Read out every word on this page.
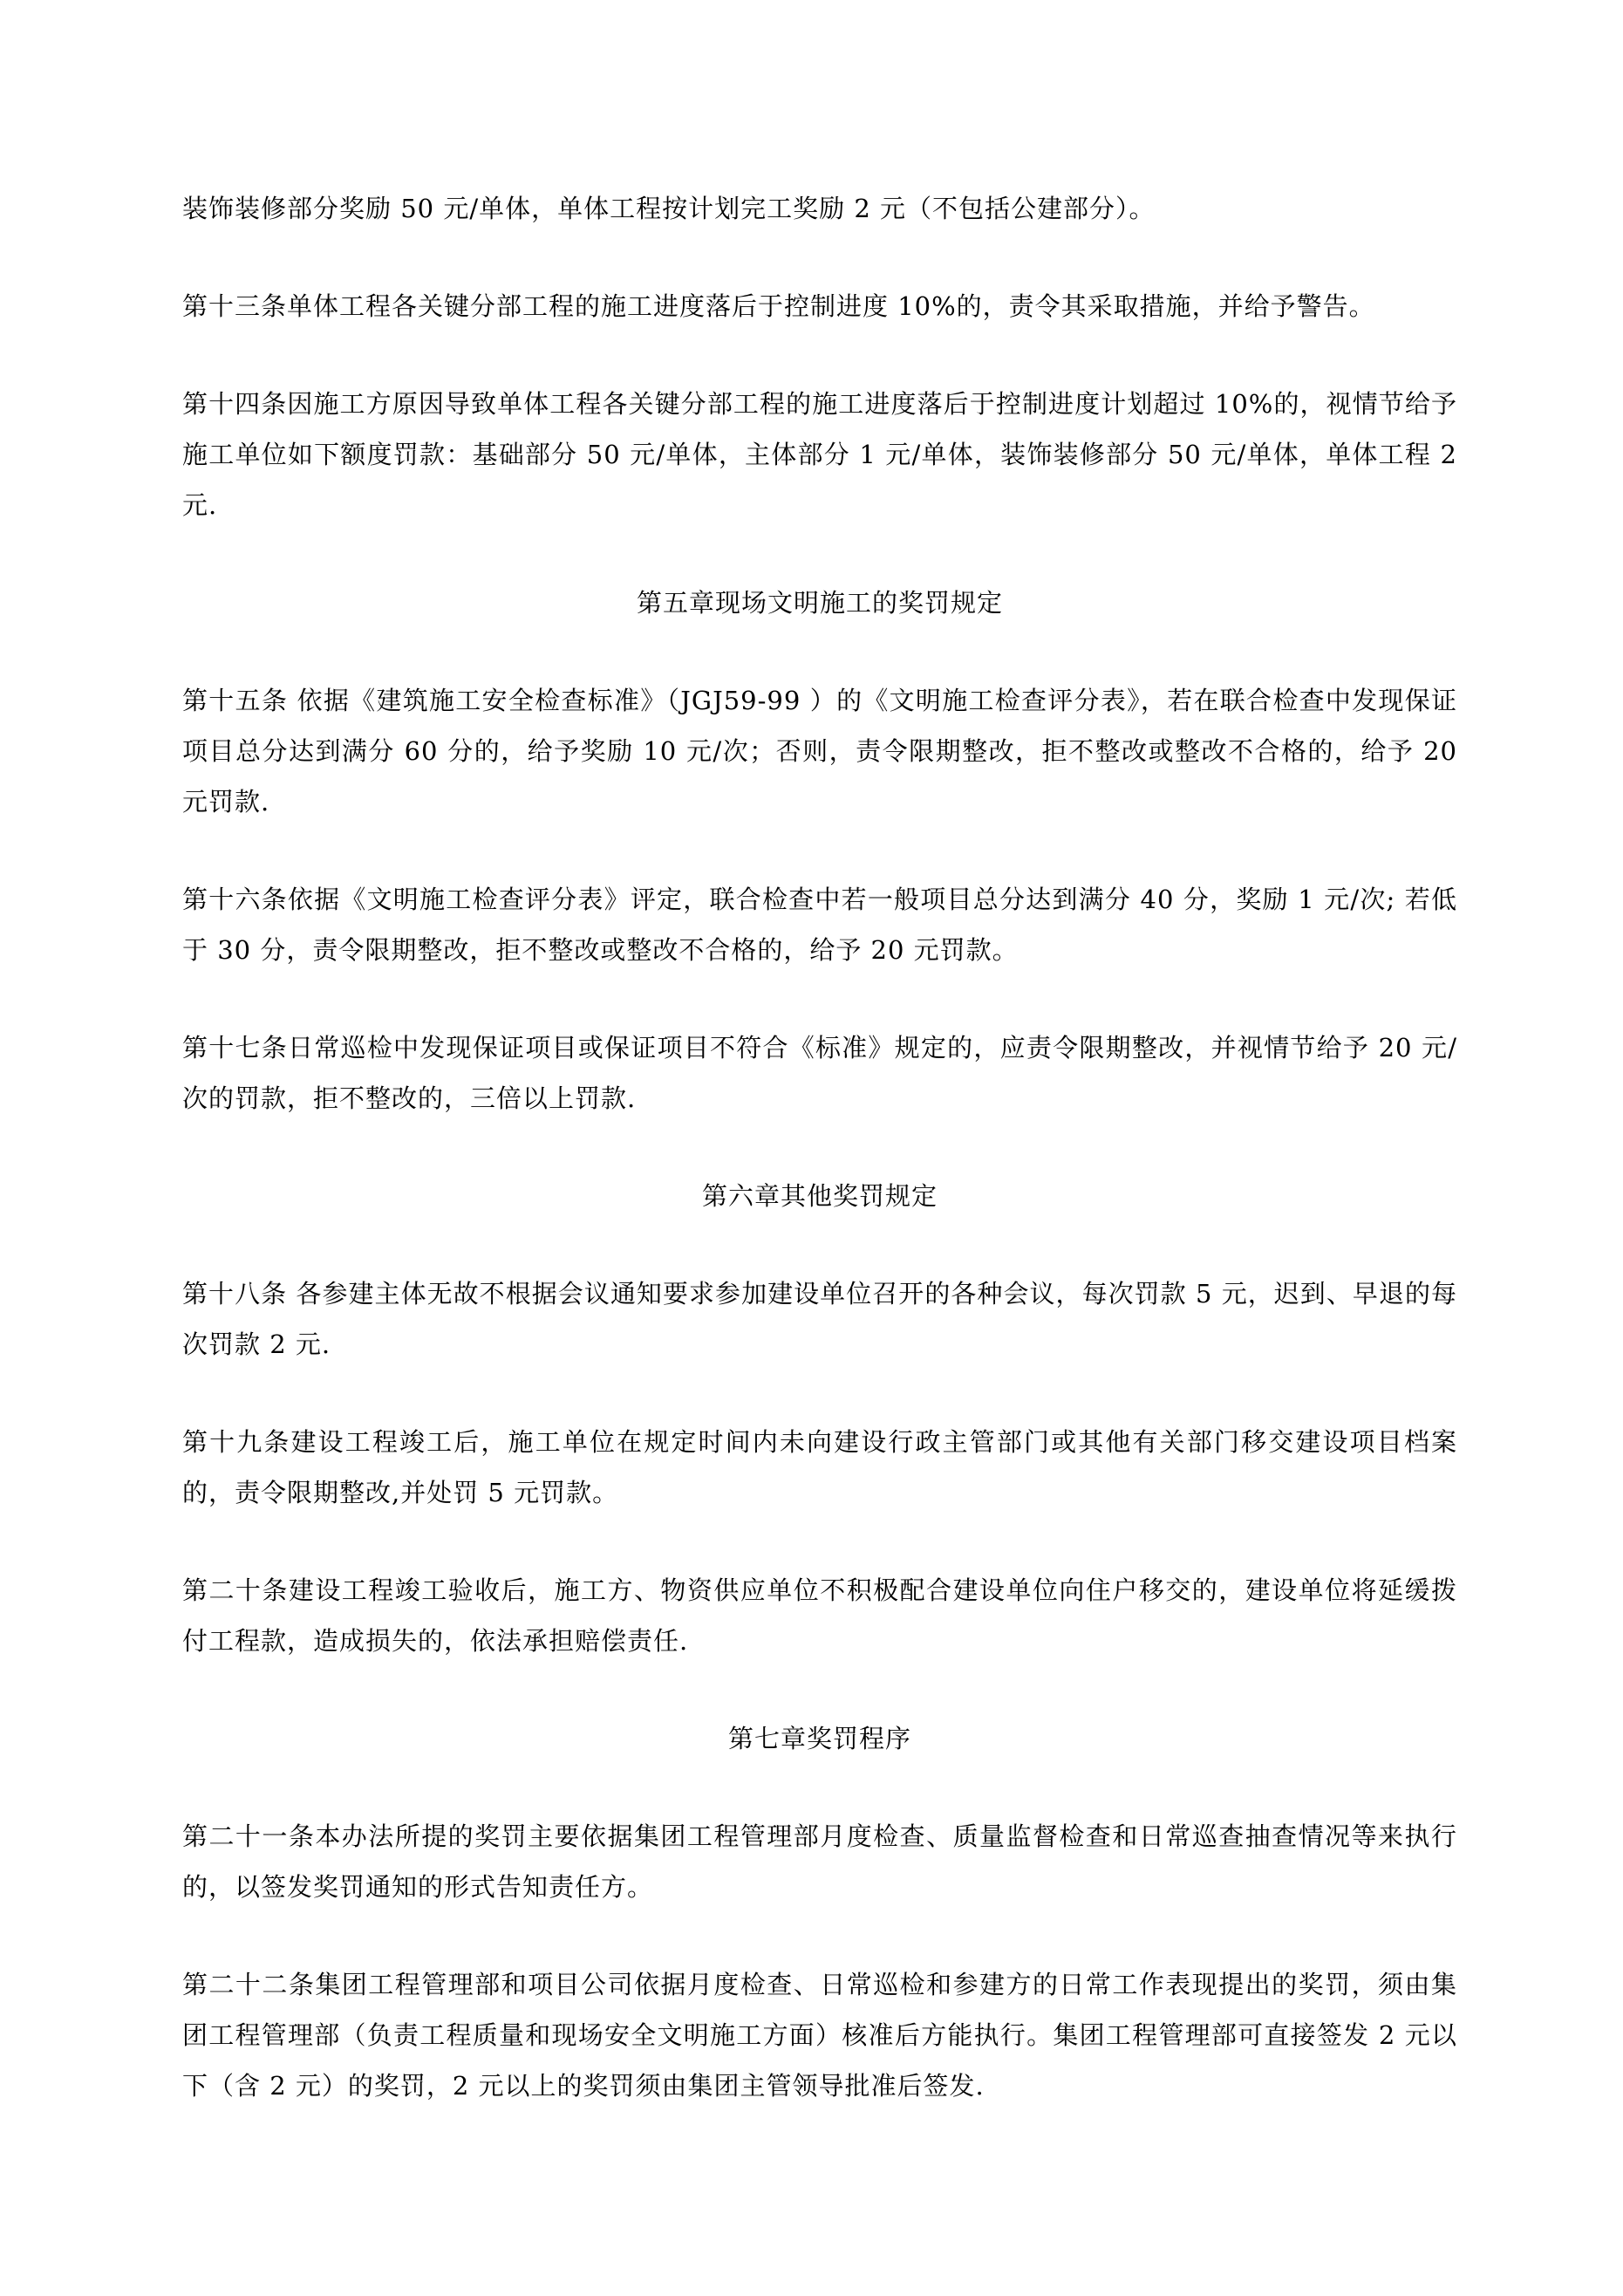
装饰装修部分奖励 50 元/单体，单体工程按计划完工奖励 2 元（不包括公建部分）。

第十三条单体工程各关键分部工程的施工进度落后于控制进度 10%的，责令其采取措施，并给予警告。

第十四条因施工方原因导致单体工程各关键分部工程的施工进度落后于控制进度计划超过 10%的，视情节给予施工单位如下额度罚款：基础部分 50 元/单体，主体部分 1 元/单体，装饰装修部分 50 元/单体，单体工程 2 元.

第五章现场文明施工的奖罚规定

第十五条 依据《建筑施工安全检查标准》（JGJ59-99 ）的《文明施工检查评分表》，若在联合检查中发现保证项目总分达到满分 60 分的，给予奖励 10 元/次；否则，责令限期整改，拒不整改或整改不合格的，给予 20 元罚款.

第十六条依据《文明施工检查评分表》评定，联合检查中若一般项目总分达到满分 40 分，奖励 1 元/次; 若低于 30 分，责令限期整改，拒不整改或整改不合格的，给予 20 元罚款。

第十七条日常巡检中发现保证项目或保证项目不符合《标准》规定的，应责令限期整改，并视情节给予 20 元/次的罚款，拒不整改的，三倍以上罚款.

第六章其他奖罚规定

第十八条 各参建主体无故不根据会议通知要求参加建设单位召开的各种会议，每次罚款 5 元，迟到、早退的每次罚款 2 元.

第十九条建设工程竣工后，施工单位在规定时间内未向建设行政主管部门或其他有关部门移交建设项目档案的，责令限期整改,并处罚 5 元罚款。

第二十条建设工程竣工验收后，施工方、物资供应单位不积极配合建设单位向住户移交的，建设单位将延缓拨付工程款，造成损失的，依法承担赔偿责任.

第七章奖罚程序

第二十一条本办法所提的奖罚主要依据集团工程管理部月度检查、质量监督检查和日常巡查抽查情况等来执行的，以签发奖罚通知的形式告知责任方。

第二十二条集团工程管理部和项目公司依据月度检查、日常巡检和参建方的日常工作表现提出的奖罚，须由集团工程管理部（负责工程质量和现场安全文明施工方面）核准后方能执行。集团工程管理部可直接签发 2 元以下（含 2 元）的奖罚，2 元以上的奖罚须由集团主管领导批准后签发.
